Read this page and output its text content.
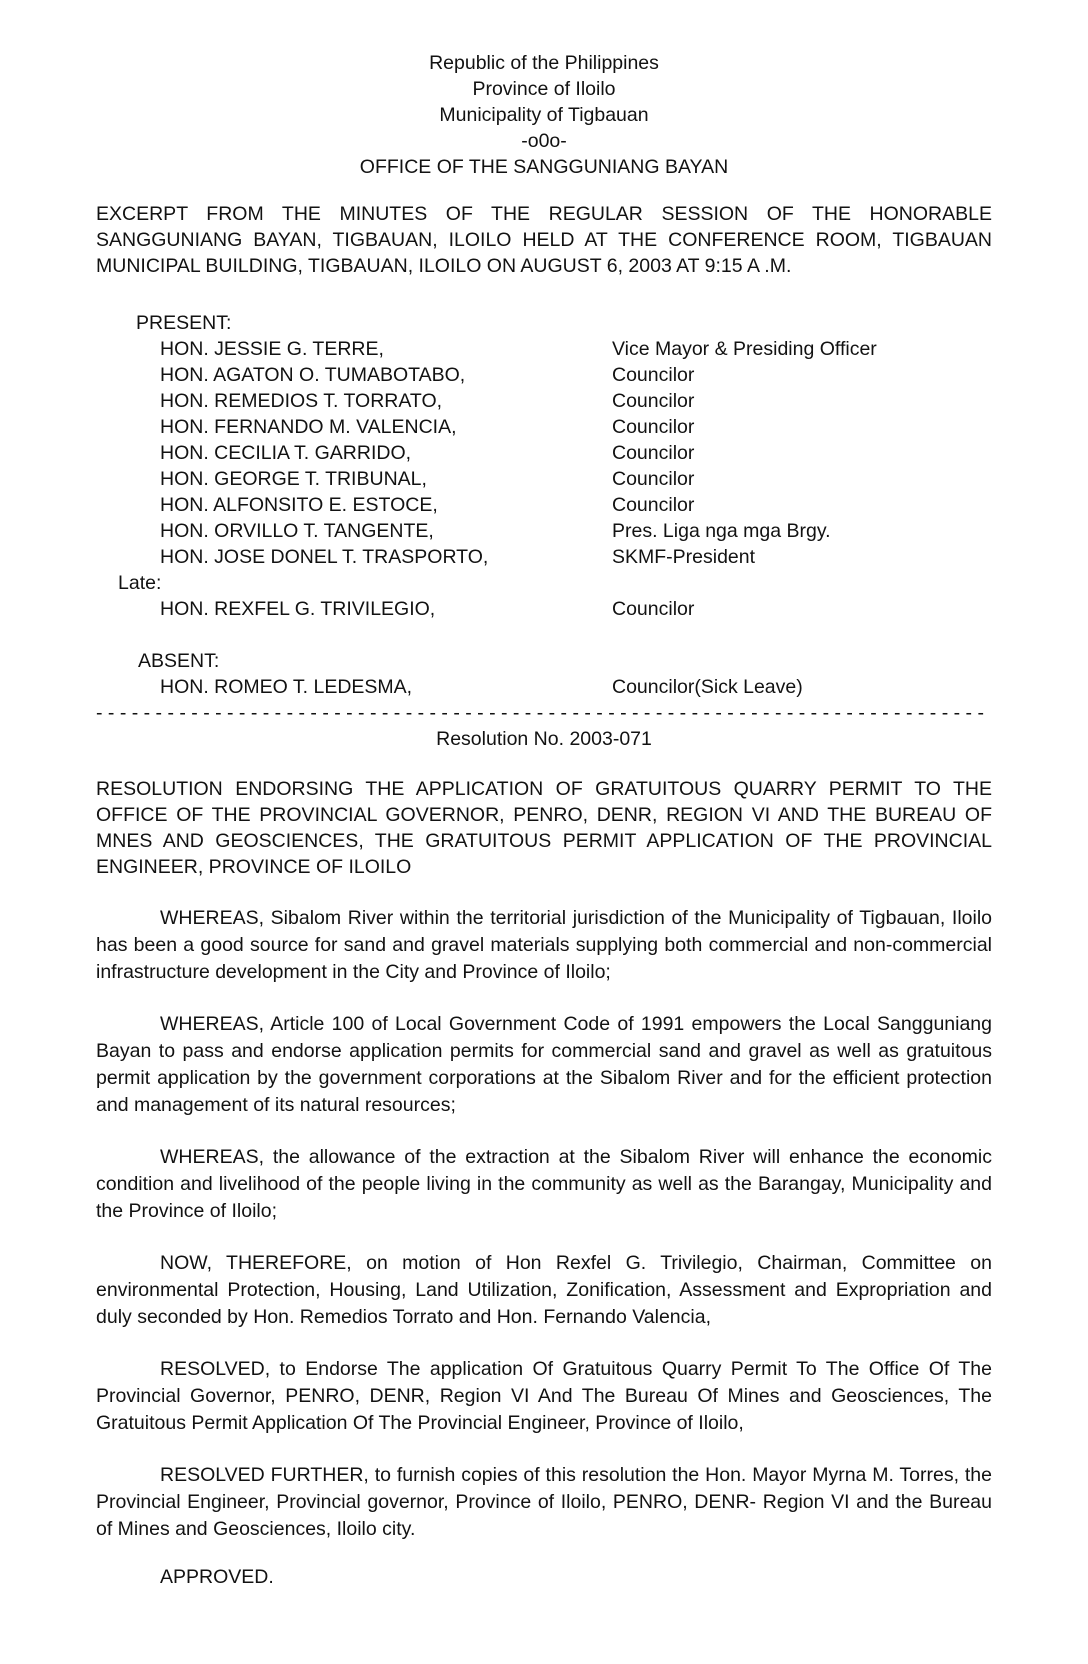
Republic of the Philippines
Province of Iloilo
Municipality of Tigbauan
-o0o-
OFFICE OF THE SANGGUNIANG BAYAN
EXCERPT FROM THE MINUTES OF THE REGULAR SESSION OF THE HONORABLE SANGGUNIANG BAYAN, TIGBAUAN, ILOILO HELD AT THE CONFERENCE ROOM, TIGBAUAN MUNICIPAL BUILDING, TIGBAUAN, ILOILO ON AUGUST 6, 2003 AT 9:15 A .M.
PRESENT:
HON. JESSIE G. TERRE,	Vice Mayor & Presiding Officer
HON. AGATON O. TUMABOTABO,	Councilor
HON. REMEDIOS T. TORRATO,	Councilor
HON. FERNANDO M. VALENCIA,	Councilor
HON. CECILIA T. GARRIDO,	Councilor
HON. GEORGE T. TRIBUNAL,	Councilor
HON. ALFONSITO E. ESTOCE,	Councilor
HON. ORVILLO T. TANGENTE,	Pres. Liga nga mga Brgy.
HON. JOSE DONEL T. TRASPORTO,	SKMF-President
Late:
HON. REXFEL G. TRIVILEGIO,	Councilor
ABSENT:
HON. ROMEO T. LEDESMA,	Councilor(Sick Leave)
- - - - - - - - - - - - - - - - - - - - - - - - - - - - - - - - - - - - - - - - - - - - - - - - - - - - - - - - - - - - - - - - - - - - - - - - - - -
Resolution No. 2003-071
RESOLUTION ENDORSING THE APPLICATION OF GRATUITOUS QUARRY PERMIT TO THE OFFICE OF THE PROVINCIAL GOVERNOR, PENRO, DENR, REGION VI AND THE BUREAU OF MNES AND GEOSCIENCES, THE GRATUITOUS PERMIT APPLICATION OF THE PROVINCIAL ENGINEER, PROVINCE OF ILOILO
WHEREAS, Sibalom River within the territorial jurisdiction of the Municipality of Tigbauan, Iloilo has been a good source for sand and gravel materials supplying both commercial and non-commercial infrastructure development in the City and Province of Iloilo;
WHEREAS, Article 100 of Local Government Code of 1991 empowers the Local Sangguniang Bayan to pass and endorse application permits for commercial sand and gravel as well as gratuitous permit application by the government corporations at the Sibalom River and for the efficient protection and management of its natural resources;
WHEREAS, the allowance of the extraction at the Sibalom River will enhance the economic condition and livelihood of the people living in the community as well as the Barangay, Municipality and the Province of Iloilo;
NOW, THEREFORE, on motion of Hon Rexfel G. Trivilegio, Chairman, Committee on environmental Protection, Housing, Land Utilization, Zonification, Assessment and Expropriation and duly seconded by Hon. Remedios Torrato and Hon. Fernando Valencia,
RESOLVED, to Endorse The application Of Gratuitous Quarry Permit To The Office Of The Provincial Governor, PENRO, DENR, Region VI And The Bureau Of Mines and Geosciences, The Gratuitous Permit Application Of The Provincial Engineer, Province of Iloilo,
RESOLVED FURTHER, to furnish copies of this resolution the Hon. Mayor Myrna M. Torres, the Provincial Engineer, Provincial governor, Province of Iloilo, PENRO, DENR- Region VI and the Bureau of Mines and Geosciences, Iloilo city.
APPROVED.
